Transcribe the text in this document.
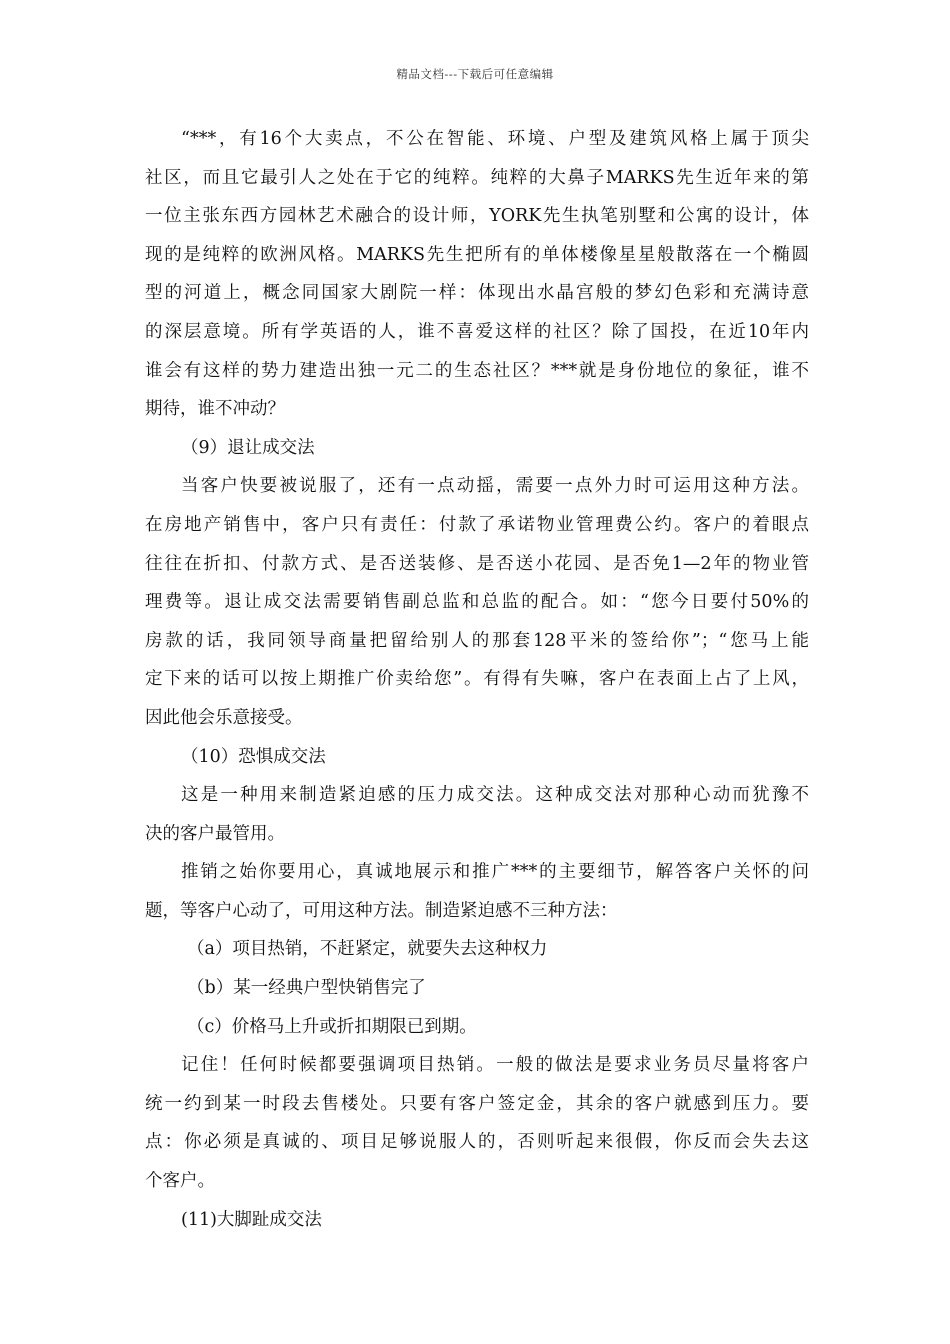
精品文档---下载后可任意编辑
“***，有16个大卖点，不公在智能、环境、户型及建筑风格上属于顶尖
社区，而且它最引人之处在于它的纯粹。纯粹的大鼻子MARKS先生近年来的第
一位主张东西方园林艺术融合的设计师，YORK先生执笔别墅和公寓的设计，体
现的是纯粹的欧洲风格。MARKS先生把所有的单体楼像星星般散落在一个椭圆
型的河道上，概念同国家大剧院一样：体现出水晶宫般的梦幻色彩和充满诗意
的深层意境。所有学英语的人，谁不喜爱这样的社区？除了国投，在近10年内
谁会有这样的势力建造出独一元二的生态社区？***就是身份地位的象征，谁不
期待，谁不冲动？
（9）退让成交法
当客户快要被说服了，还有一点动摇，需要一点外力时可运用这种方法。
在房地产销售中，客户只有责任：付款了承诺物业管理费公约。客户的着眼点
往往在折扣、付款方式、是否送装修、是否送小花园、是否免1—2年的物业管
理费等。退让成交法需要销售副总监和总监的配合。如：“您今日要付50%的
房款的话，我同领导商量把留给别人的那套128平米的签给你”；“您马上能
定下来的话可以按上期推广价卖给您”。有得有失嘛，客户在表面上占了上风，
因此他会乐意接受。
（10）恐惧成交法
这是一种用来制造紧迫感的压力成交法。这种成交法对那种心动而犹豫不
决的客户最管用。
推销之始你要用心，真诚地展示和推广***的主要细节，解答客户关怀的问
题，等客户心动了，可用这种方法。制造紧迫感不三种方法：
（a）项目热销，不赶紧定，就要失去这种权力
（b）某一经典户型快销售完了
（c）价格马上升或折扣期限已到期。
记住！任何时候都要强调项目热销。一般的做法是要求业务员尽量将客户
统一约到某一时段去售楼处。只要有客户签定金，其余的客户就感到压力。要
点：你必须是真诚的、项目足够说服人的，否则听起来很假，你反而会失去这
个客户。
(11)大脚趾成交法
